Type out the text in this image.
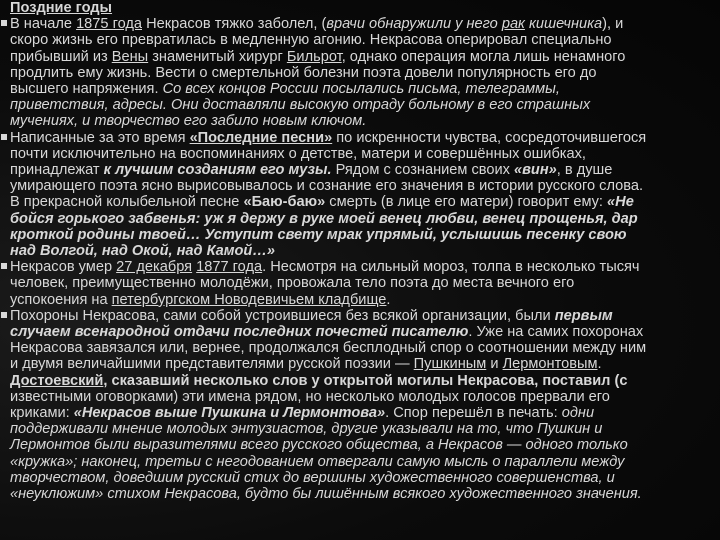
Поздние годы
В начале 1875 года Некрасов тяжко заболел, (врачи обнаружили у него рак кишечника), и
скоро жизнь его превратилась в медленную агонию. Некрасова оперировал специально
прибывший из Вены знаменитый хирург Бильрот, однако операция могла лишь ненамного
продлить ему жизнь. Вести о смертельной болезни поэта довели популярность его до
высшего напряжения. Со всех концов России посылались письма, телеграммы,
приветствия, адресы. Они доставляли высокую отраду больному в его страшных
мучениях, и творчество его забило новым ключом.
Написанные за это время «Последние песни» по искренности чувства, сосредоточившегося
почти исключительно на воспоминаниях о детстве, матери и совершённых ошибках,
принадлежат к лучшим созданиям его музы. Рядом с сознанием своих «вин», в душе
умирающего поэта ясно вырисовывалось и сознание его значения в истории русского слова.
В прекрасной колыбельной песне «Баю-баю» смерть (в лице его матери) говорит ему: «Не
бойся горького забвенья: уж я держу в руке моей венец любви, венец прощенья, дар
кроткой родины твоей… Уступит свету мрак упрямый, услышишь песенку свою
над Волгой, над Окой, над Камой…»
Некрасов умер 27 декабря 1877 года. Несмотря на сильный мороз, толпа в несколько тысяч
человек, преимущественно молодёжи, провожала тело поэта до места вечного его
успокоения на петербургском Новодевичьем кладбище.
Похороны Некрасова, сами собой устроившиеся без всякой организации, были первым
случаем всенародной отдачи последних почестей писателю. Уже на самих похоронах
Некрасова завязался или, вернее, продолжался бесплодный спор о соотношении между ним
и двумя величайшими представителями русской поэзии — Пушкиным и Лермонтовым.
Достоевский, сказавший несколько слов у открытой могилы Некрасова, поставил (с
известными оговорками) эти имена рядом, но несколько молодых голосов прервали его
криками: «Некрасов выше Пушкина и Лермонтова». Спор перешёл в печать: одни
поддерживали мнение молодых энтузиастов, другие указывали на то, что Пушкин и
Лермонтов были выразителями всего русского общества, а Некрасов — одного только
«кружка»; наконец, третьи с негодованием отвергали самую мысль о параллели между
творчеством, доведшим русский стих до вершины художественного совершенства, и
«неуклюжим» стихом Некрасова, будто бы лишённым всякого художественного значения.
